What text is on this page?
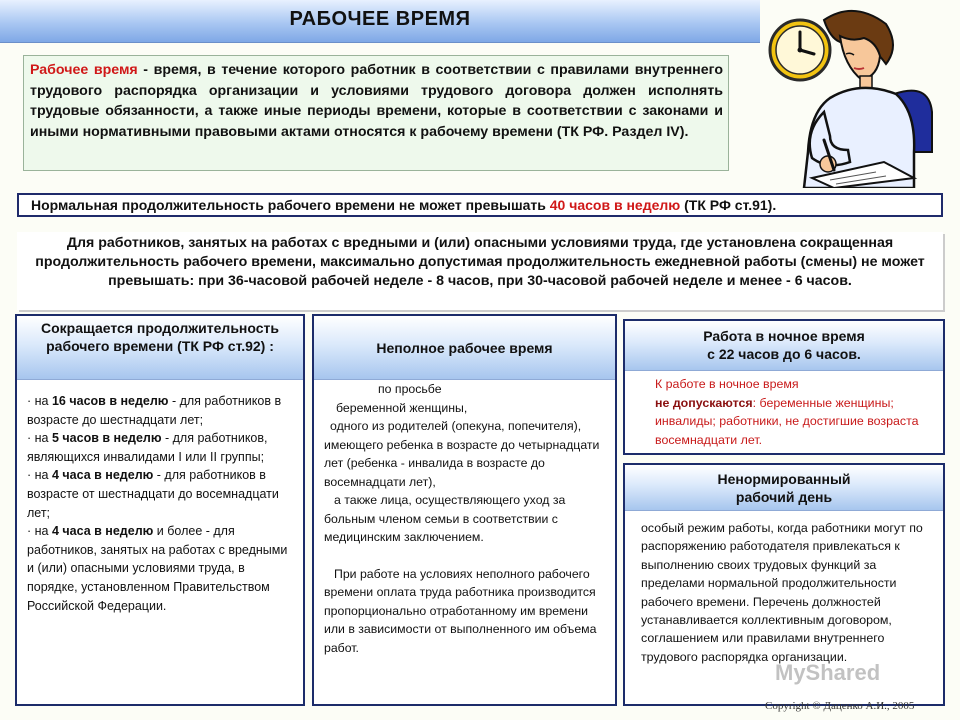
РАБОЧЕЕ ВРЕМЯ
Рабочее время - время, в течение которого работник в соответствии с правилами внутреннего трудового распорядка организации и условиями трудового договора должен исполнять трудовые обязанности, а также иные периоды времени, которые в соответствии с законами и иными нормативными правовыми актами относятся к рабочему времени (ТК РФ. Раздел IV).
Нормальная продолжительность рабочего времени не может превышать 40 часов в неделю (ТК РФ ст.91).
Для работников, занятых на работах с вредными и (или) опасными условиями труда, где установлена сокращенная продолжительность рабочего времени, максимально допустимая продолжительность ежедневной работы (смены) не может превышать: при 36-часовой рабочей неделе - 8 часов, при 30-часовой рабочей неделе и менее - 6 часов.
Сокращается продолжительность рабочего времени (ТК РФ ст.92) :
· на 16 часов в неделю - для работников в возрасте до шестнадцати лет;
· на 5 часов в неделю - для работников, являющихся инвалидами I или II группы;
· на 4 часа в неделю - для работников в возрасте от шестнадцати до восемнадцати лет;
· на 4 часа в неделю и более - для работников, занятых на работах с вредными и (или) опасными условиями труда, в порядке, установленном Правительством Российской Федерации.
Неполное рабочее время
по просьбе
беременной женщины,
одного из родителей (опекуна, попечителя), имеющего ребенка в возрасте до четырнадцати лет (ребенка - инвалида в возрасте до восемнадцати лет),
а также лица, осуществляющего уход за больным членом семьи в соответствии с медицинским заключением.
При работе на условиях неполного рабочего времени оплата труда работника производится пропорционально отработанному им времени или в зависимости от выполненного им объема работ.
Работа в ночное время
с 22 часов до 6 часов.
К работе в ночное время
не допускаются: беременные женщины; инвалиды; работники, не достигшие возраста восемнадцати лет.
Ненормированный
рабочий день
особый режим работы, когда работники могут по распоряжению работодателя привлекаться к выполнению своих трудовых функций за пределами нормальной продолжительности рабочего времени. Перечень должностей устанавливается коллективным договором, соглашением или правилами внутреннего трудового распорядка организации.
MyShared
Copyright © Даценко А.И., 2005
